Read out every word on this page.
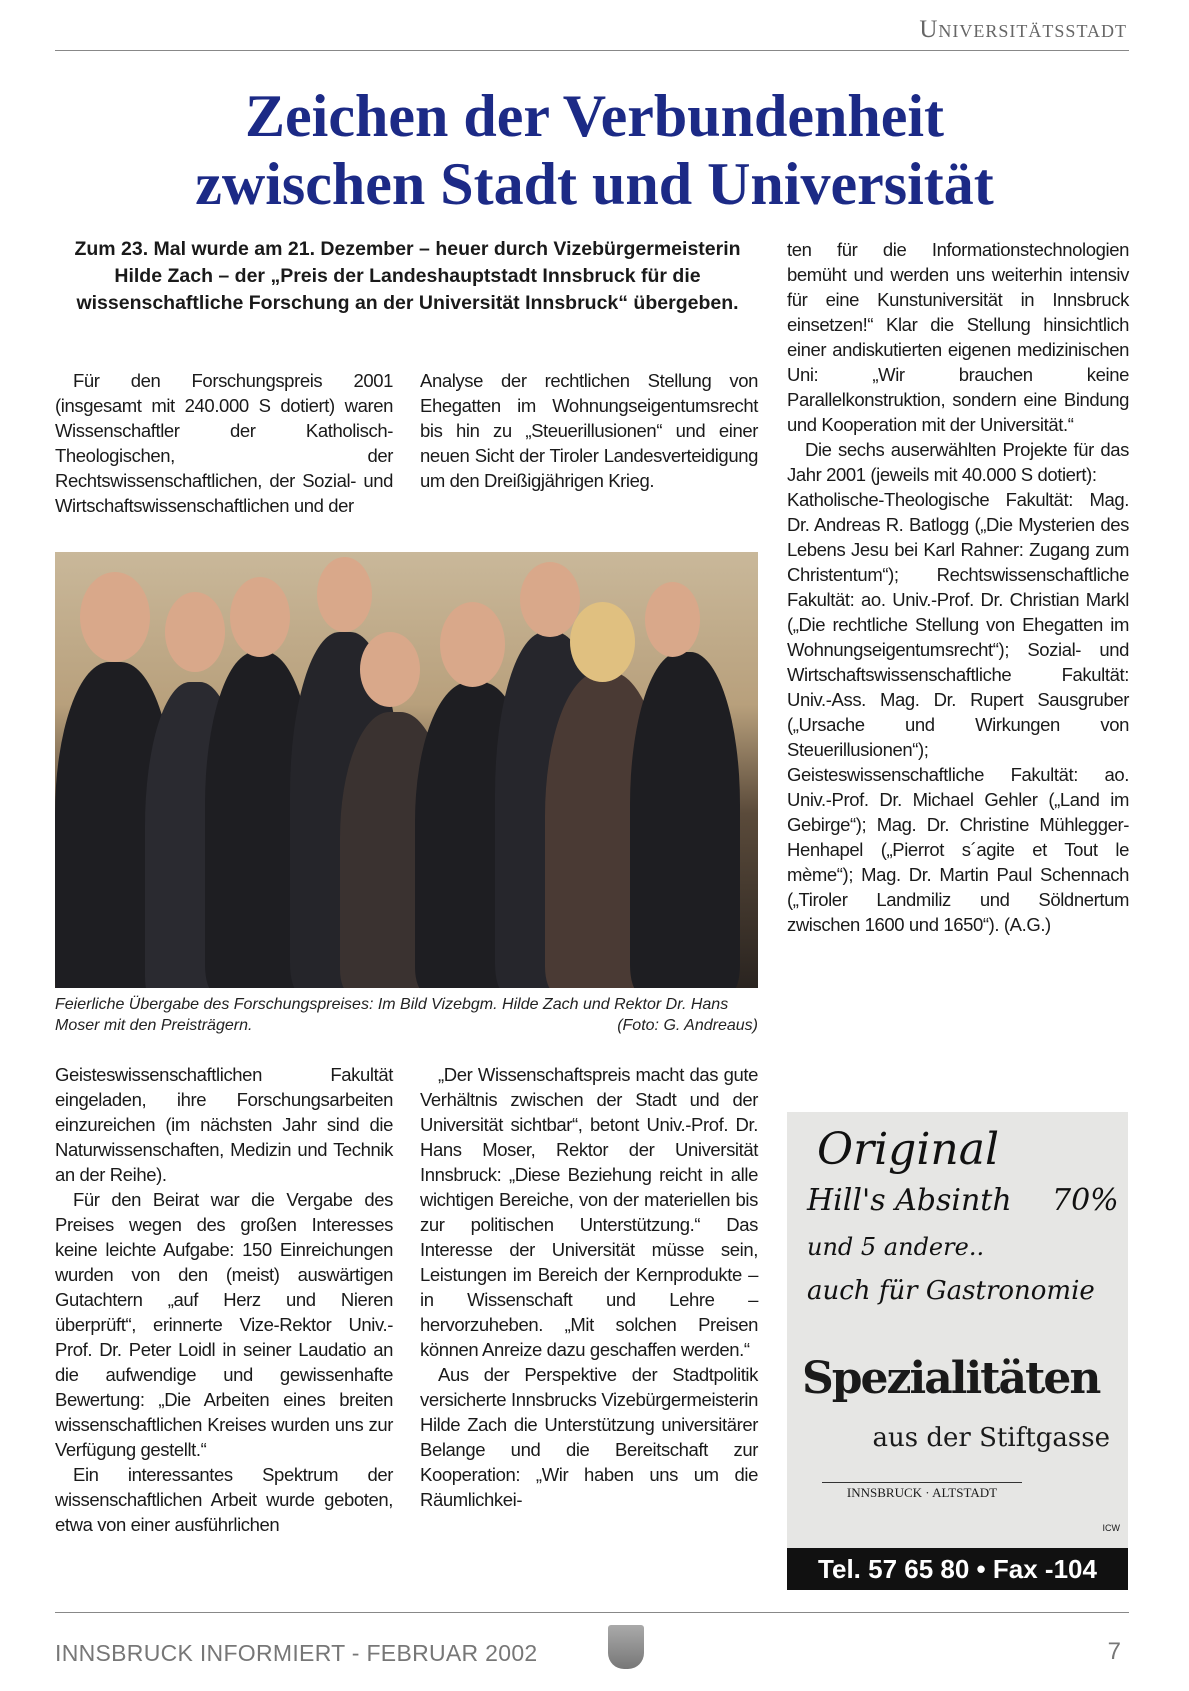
Universitätsstadt
Zeichen der Verbundenheit
zwischen Stadt und Universität
Zum 23. Mal wurde am 21. Dezember – heuer durch Vizebürgermeisterin Hilde Zach – der „Preis der Landeshauptstadt Innsbruck für die wissenschaftliche Forschung an der Universität Innsbruck“ übergeben.

Für den Forschungspreis 2001 (insgesamt mit 240.000 S dotiert) waren Wissenschaftler der Katholisch-Theologischen, der Rechtswissenschaftlichen, der Sozial- und Wirtschaftswissenschaftlichen und der

Analyse der rechtlichen Stellung von Ehegatten im Wohnungseigentumsrecht bis hin zu „Steuerillusionen“ und einer neuen Sicht der Tiroler Landesverteidigung um den Dreißigjährigen Krieg.

Feierliche Übergabe des Forschungspreises: Im Bild Vizebgm. Hilde Zach und Rektor Dr. Hans Moser mit den Preisträgern.	(Foto: G. Andreaus)

Geisteswissenschaftlichen Fakultät eingeladen, ihre Forschungsarbeiten einzureichen (im nächsten Jahr sind die Naturwissenschaften, Medizin und Technik an der Reihe).

Für den Beirat war die Vergabe des Preises wegen des großen Interesses keine leichte Aufgabe: 150 Einreichungen wurden von den (meist) auswärtigen Gutachtern „auf Herz und Nieren überprüft“, erinnerte Vize-Rektor Univ.-Prof. Dr. Peter Loidl in seiner Laudatio an die aufwendige und gewissenhafte Bewertung: „Die Arbeiten eines breiten wissenschaftlichen Kreises wurden uns zur Verfügung gestellt.“

Ein interessantes Spektrum der wissenschaftlichen Arbeit wurde geboten, etwa von einer ausführlichen

„Der Wissenschaftspreis macht das gute Verhältnis zwischen der Stadt und der Universität sichtbar“, betont Univ.-Prof. Dr. Hans Moser, Rektor der Universität Innsbruck: „Diese Beziehung reicht in alle wichtigen Bereiche, von der materiellen bis zur politischen Unterstützung.“ Das Interesse der Universität müsse sein, Leistungen im Bereich der Kernprodukte – in Wissenschaft und Lehre – hervorzuheben. „Mit solchen Preisen können Anreize dazu geschaffen werden.“

Aus der Perspektive der Stadtpolitik versicherte Innsbrucks Vizebürgermeisterin Hilde Zach die Unterstützung universitärer Belange und die Bereitschaft zur Kooperation: „Wir haben uns um die Räumlichkei-

ten für die Informationstechnologien bemüht und werden uns weiterhin intensiv für eine Kunstuniversität in Innsbruck einsetzen!“ Klar die Stellung hinsichtlich einer andiskutierten eigenen medizinischen Uni: „Wir brauchen keine Parallelkonstruktion, sondern eine Bindung und Kooperation mit der Universität.“

Die sechs auserwählten Projekte für das Jahr 2001 (jeweils mit 40.000 S dotiert):

Katholische-Theologische Fakultät: Mag. Dr. Andreas R. Batlogg („Die Mysterien des Lebens Jesu bei Karl Rahner: Zugang zum Christentum“); Rechtswissenschaftliche Fakultät: ao. Univ.-Prof. Dr. Christian Markl („Die rechtliche Stellung von Ehegatten im Wohnungseigentumsrecht“); Sozial- und Wirtschaftswissenschaftliche Fakultät: Univ.-Ass. Mag. Dr. Rupert Sausgruber („Ursache und Wirkungen von Steuerillusionen“); Geisteswissenschaftliche Fakultät: ao. Univ.-Prof. Dr. Michael Gehler („Land im Gebirge“); Mag. Dr. Christine Mühlegger-Henhapel („Pierrot s´agite et Tout le mème“); Mag. Dr. Martin Paul Schennach („Tiroler Landmiliz und Söldnertum zwischen 1600 und 1650“). (A.G.)

Original
Hill's Absinth 70%
und 5 andere..
auch für Gastronomie
Spezialitäten
aus der Stiftgasse
INNSBRUCK · ALTSTADT
ICW
Tel. 57 65 80 • Fax -104
INNSBRUCK INFORMIERT - FEBRUAR 2002	7
